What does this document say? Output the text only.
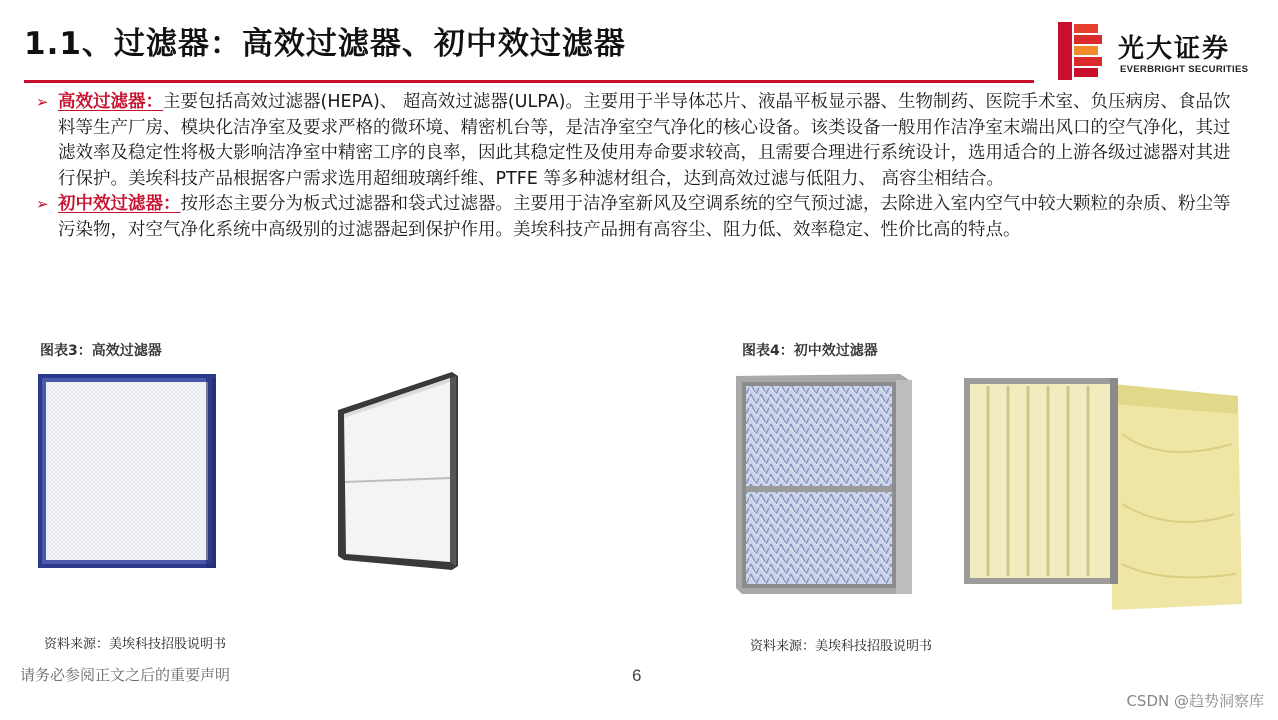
1.1、过滤器：高效过滤器、初中效过滤器	光大证券
EVERBRIGHT SECURITIES
➢ 高效过滤器：主要包括高效过滤器(HEPA)、 超高效过滤器(ULPA)。主要用于半导体芯片、液晶平板显示器、生物制药、医院手术室、负压病房、食品饮料等生产厂房、模块化洁净室及要求严格的微环境、精密机台等，是洁净室空气净化的核心设备。该类设备一般用作洁净室末端出风口的空气净化，其过滤效率及稳定性将极大影响洁净室中精密工序的良率，因此其稳定性及使用寿命要求较高，且需要合理进行系统设计，选用适合的上游各级过滤器对其进行保护。美埃科技产品根据客户需求选用超细玻璃纤维、PTFE 等多种滤材组合，达到高效过滤与低阻力、 高容尘相结合。
➢ 初中效过滤器：按形态主要分为板式过滤器和袋式过滤器。主要用于洁净室新风及空调系统的空气预过滤，去除进入室内空气中较大颗粒的杂质、粉尘等污染物，对空气净化系统中高级别的过滤器起到保护作用。美埃科技产品拥有高容尘、阻力低、效率稳定、性价比高的特点。
图表3：高效过滤器
资料来源：美埃科技招股说明书
图表4：初中效过滤器
资料来源：美埃科技招股说明书
请务必参阅正文之后的重要声明	6
CSDN @趋势洞察库
